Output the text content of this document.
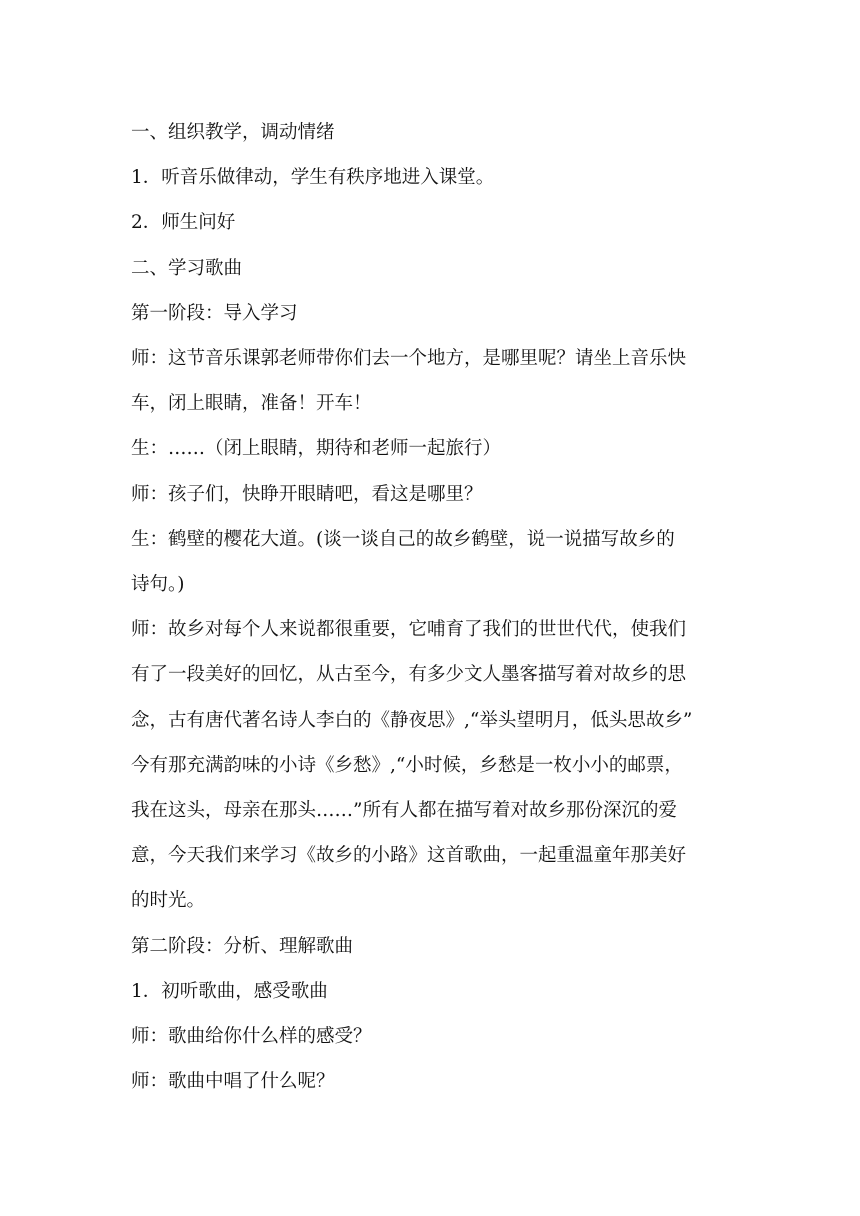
一、组织教学，调动情绪

1．听音乐做律动，学生有秩序地进入课堂。

2．师生问好

二、学习歌曲

第一阶段：导入学习

师：这节音乐课郭老师带你们去一个地方，是哪里呢？请坐上音乐快

车，闭上眼睛，准备！开车！

生：……（闭上眼睛，期待和老师一起旅行）

师：孩子们，快睁开眼睛吧，看这是哪里？

生：鹤壁的樱花大道。(谈一谈自己的故乡鹤壁，说一说描写故乡的

诗句。)

师：故乡对每个人来说都很重要，它哺育了我们的世世代代，使我们

有了一段美好的回忆，从古至今，有多少文人墨客描写着对故乡的思

念，古有唐代著名诗人李白的《静夜思》,“举头望明月，低头思故乡”

今有那充满韵味的小诗《乡愁》,“小时候，乡愁是一枚小小的邮票，

我在这头，母亲在那头……”所有人都在描写着对故乡那份深沉的爱

意，今天我们来学习《故乡的小路》这首歌曲，一起重温童年那美好

的时光。

第二阶段：分析、理解歌曲

1．初听歌曲，感受歌曲

师：歌曲给你什么样的感受？

师：歌曲中唱了什么呢？
